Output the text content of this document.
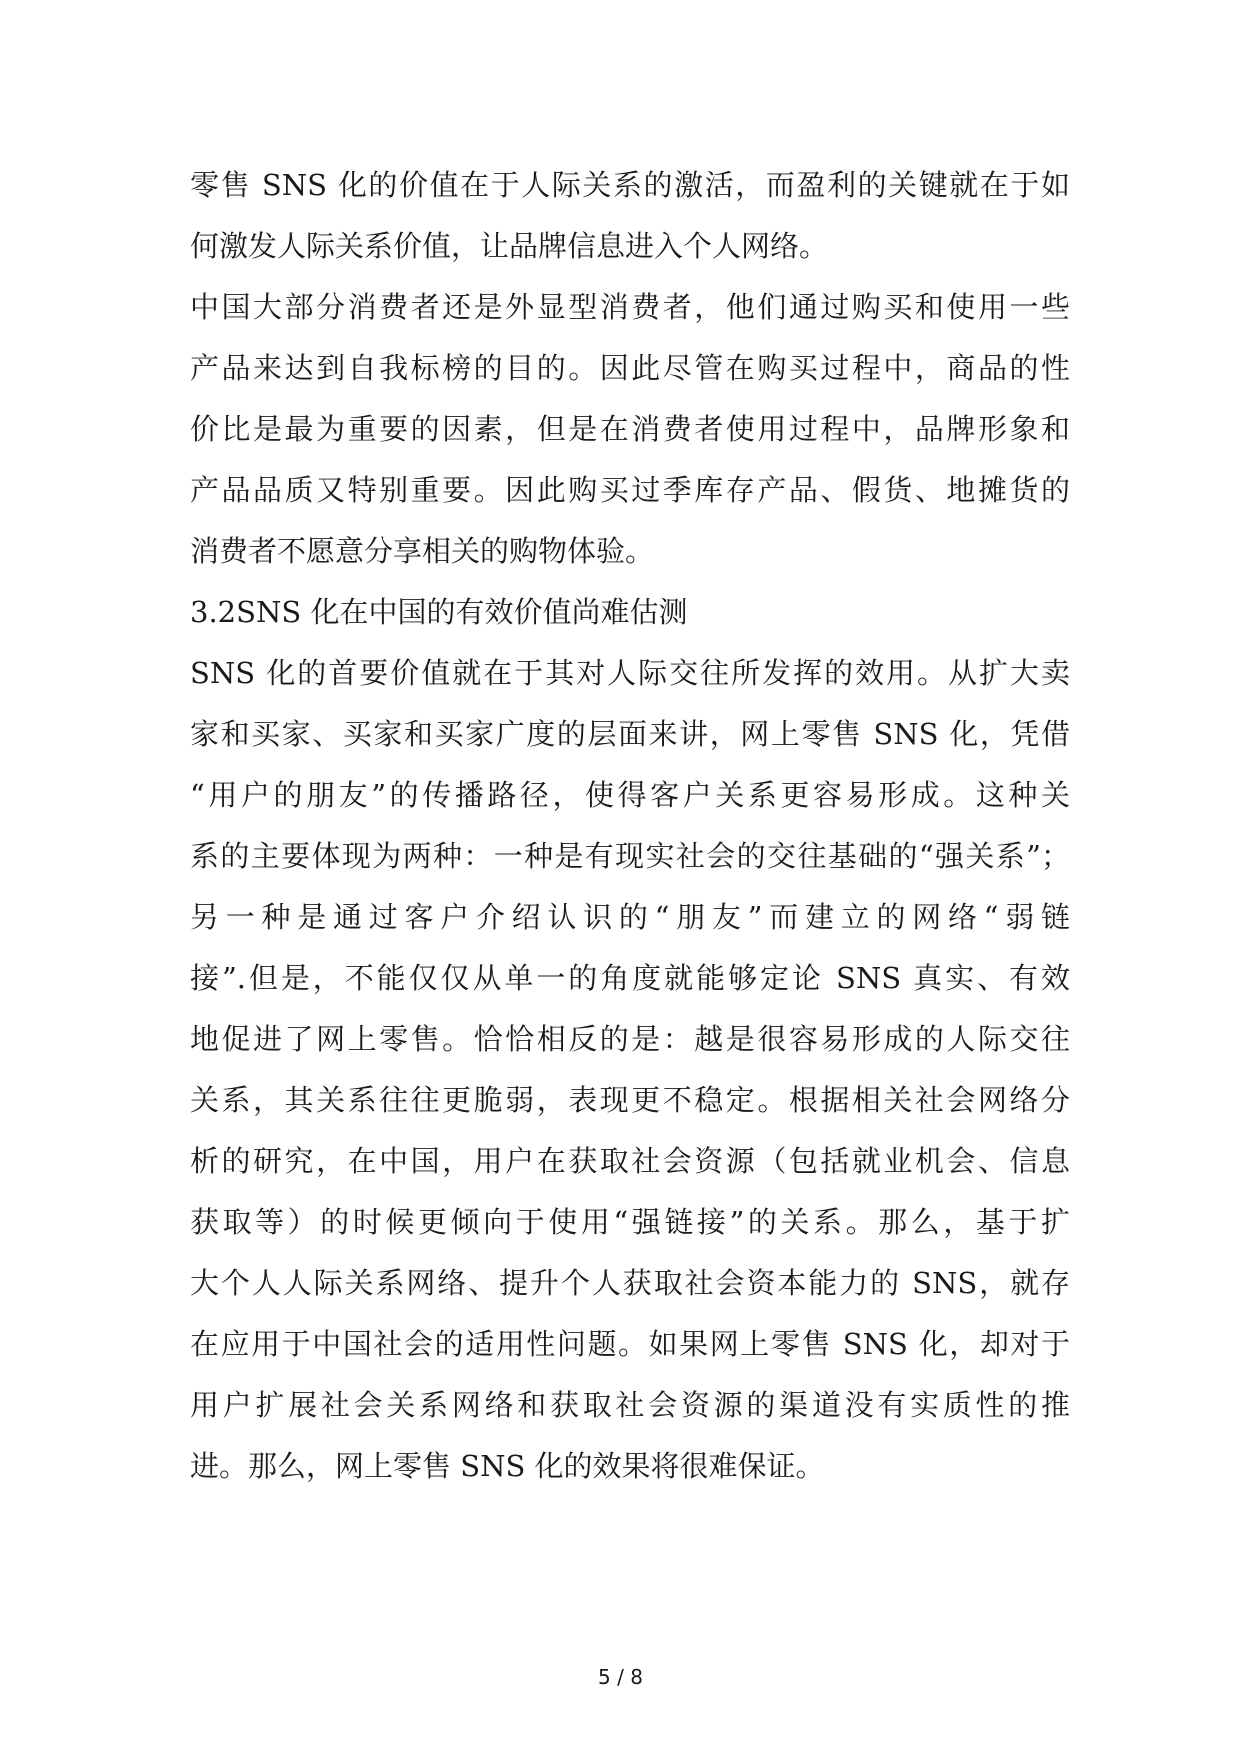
零售 SNS 化的价值在于人际关系的激活，而盈利的关键就在于如
何激发人际关系价值，让品牌信息进入个人网络。
中国大部分消费者还是外显型消费者，他们通过购买和使用一些
产品来达到自我标榜的目的。因此尽管在购买过程中，商品的性
价比是最为重要的因素，但是在消费者使用过程中，品牌形象和
产品品质又特别重要。因此购买过季库存产品、假货、地摊货的
消费者不愿意分享相关的购物体验。
3.2SNS 化在中国的有效价值尚难估测
SNS 化的首要价值就在于其对人际交往所发挥的效用。从扩大卖
家和买家、买家和买家广度的层面来讲，网上零售 SNS 化，凭借
“用户的朋友”的传播路径，使得客户关系更容易形成。这种关
系的主要体现为两种：一种是有现实社会的交往基础的“强关系”；
另一种是通过客户介绍认识的“朋友”而建立的网络“弱链
接”.但是，不能仅仅从单一的角度就能够定论 SNS 真实、有效
地促进了网上零售。恰恰相反的是：越是很容易形成的人际交往
关系，其关系往往更脆弱，表现更不稳定。根据相关社会网络分
析的研究，在中国，用户在获取社会资源（包括就业机会、信息
获取等）的时候更倾向于使用“强链接”的关系。那么，基于扩
大个人人际关系网络、提升个人获取社会资本能力的 SNS，就存
在应用于中国社会的适用性问题。如果网上零售 SNS 化，却对于
用户扩展社会关系网络和获取社会资源的渠道没有实质性的推
进。那么，网上零售 SNS 化的效果将很难保证。
5 / 8
